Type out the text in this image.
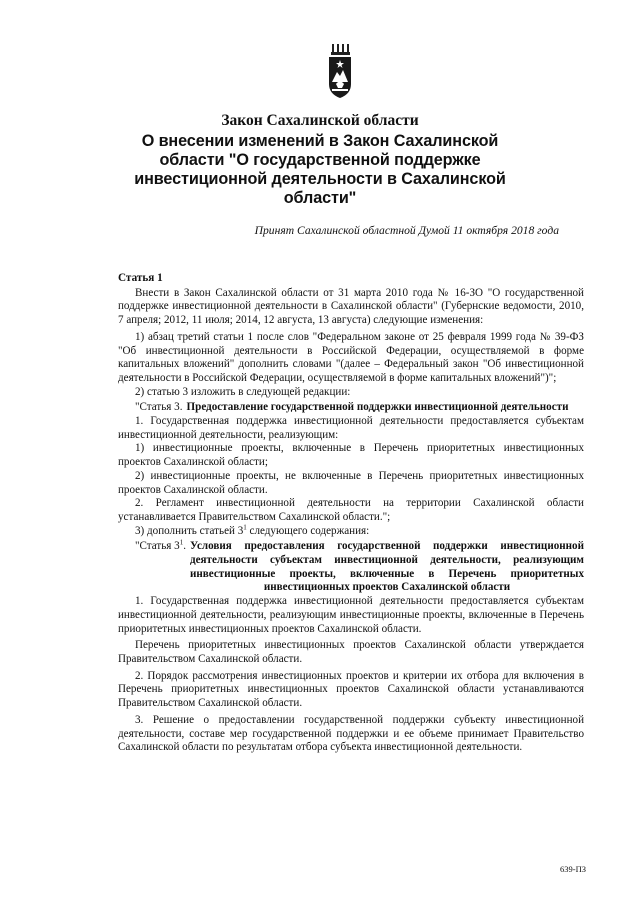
Закон Сахалинской области
О внесении изменений в Закон Сахалинской
области "О государственной поддержке
инвестиционной деятельности в Сахалинской
области"
Принят Сахалинской областной Думой 11 октября 2018 года

Статья 1

Внести в Закон Сахалинской области от 31 марта 2010 года № 16-ЗО "О государственной поддержке инвестиционной деятельности в Сахалинской области" (Губернские ведомости, 2010, 7 апреля; 2012, 11 июля; 2014, 12 августа, 13 августа) следующие изменения:

1) абзац третий статьи 1 после слов "Федеральном законе от 25 февраля 1999 года № 39-ФЗ "Об инвестиционной деятельности в Российской Федерации, осуществляемой в форме капитальных вложений" дополнить словами "(далее – Федеральный закон "Об инвестиционной деятельности в Российской Федерации, осуществляемой в форме капитальных вложений")";

2) статью 3 изложить в следующей редакции:

"Статья 3. Предоставление государственной поддержки инвестиционной деятельности

1. Государственная поддержка инвестиционной деятельности предоставляется субъектам инвестиционной деятельности, реализующим:

1) инвестиционные проекты, включенные в Перечень приоритетных инвестиционных проектов Сахалинской области;

2) инвестиционные проекты, не включенные в Перечень приоритетных инвестиционных проектов Сахалинской области.

2. Регламент инвестиционной деятельности на территории Сахалинской области устанавливается Правительством Сахалинской области.";

3) дополнить статьей $3^1$ следующего содержания:

"Статья $3^1$. Условия предоставления государственной поддержки инвестиционной деятельности субъектам инвестиционной деятельности, реализующим инвестиционные проекты, включенные в Перечень приоритетных инвестиционных проектов Сахалинской области

1. Государственная поддержка инвестиционной деятельности предоставляется субъектам инвестиционной деятельности, реализующим инвестиционные проекты, включенные в Перечень приоритетных инвестиционных проектов Сахалинской области.

Перечень приоритетных инвестиционных проектов Сахалинской области утверждается Правительством Сахалинской области.

2. Порядок рассмотрения инвестиционных проектов и критерии их отбора для включения в Перечень приоритетных инвестиционных проектов Сахалинской области устанавливаются Правительством Сахалинской области.

3. Решение о предоставлении государственной поддержки субъекту инвестиционной деятельности, составе мер государственной поддержки и ее объеме принимает Правительство Сахалинской области по результатам отбора субъекта инвестиционной деятельности.

639-ПЗ
